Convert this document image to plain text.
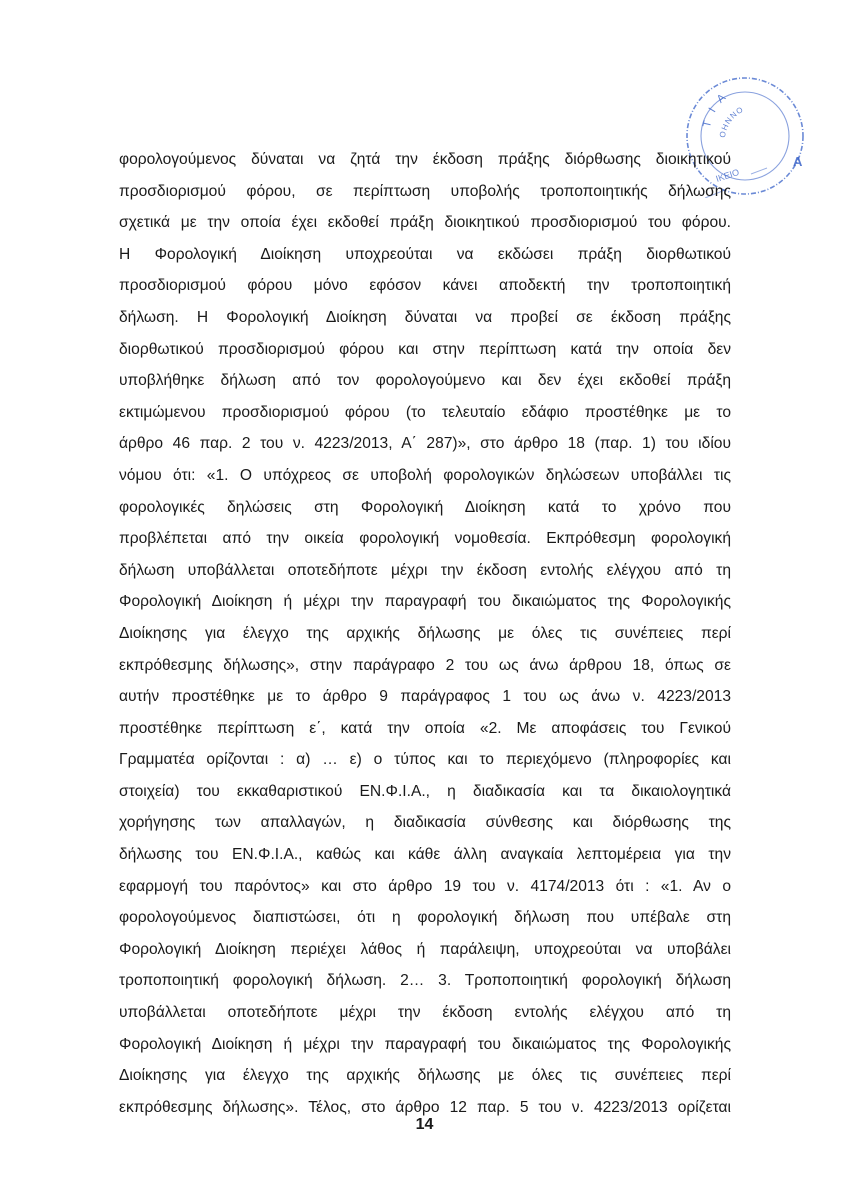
Τ Ι Α
ΟΗΝΝΟ
ΙΚΕΙΟ
Α
φορολογούμενος δύναται να ζητά την έκδοση πράξης διόρθωσης διοικητικού
προσδιορισμού φόρου, σε περίπτωση υποβολής τροποποιητικής δήλωσης
σχετικά με την οποία έχει εκδοθεί πράξη διοικητικού προσδιορισμού του φόρου.
Η Φορολογική Διοίκηση υποχρεούται να εκδώσει πράξη διορθωτικού
προσδιορισμού φόρου μόνο εφόσον κάνει αποδεκτή την τροποποιητική
δήλωση. Η Φορολογική Διοίκηση δύναται να προβεί σε έκδοση πράξης
διορθωτικού προσδιορισμού φόρου και στην περίπτωση κατά την οποία δεν
υποβλήθηκε δήλωση από τον φορολογούμενο και δεν έχει εκδοθεί πράξη
εκτιμώμενου προσδιορισμού φόρου (το τελευταίο εδάφιο προστέθηκε με το
άρθρο 46 παρ. 2 του ν. 4223/2013, Α΄ 287)», στο άρθρο 18 (παρ. 1) του ιδίου
νόμου ότι: «1. Ο υπόχρεος σε υποβολή φορολογικών δηλώσεων υποβάλλει τις
φορολογικές δηλώσεις στη Φορολογική Διοίκηση κατά το χρόνο που
προβλέπεται από την οικεία φορολογική νομοθεσία. Εκπρόθεσμη φορολογική
δήλωση υποβάλλεται οποτεδήποτε μέχρι την έκδοση εντολής ελέγχου από τη
Φορολογική Διοίκηση ή μέχρι την παραγραφή του δικαιώματος της Φορολογικής
Διοίκησης για έλεγχο της αρχικής δήλωσης με όλες τις συνέπειες περί
εκπρόθεσμης δήλωσης», στην παράγραφο 2 του ως άνω άρθρου 18, όπως σε
αυτήν προστέθηκε με το άρθρο 9 παράγραφος 1 του ως άνω ν. 4223/2013
προστέθηκε περίπτωση ε΄, κατά την οποία «2. Με αποφάσεις του Γενικού
Γραμματέα ορίζονται : α) … ε) ο τύπος και το περιεχόμενο (πληροφορίες και
στοιχεία) του εκκαθαριστικού ΕΝ.Φ.Ι.Α., η διαδικασία και τα δικαιολογητικά
χορήγησης των απαλλαγών, η διαδικασία σύνθεσης και διόρθωσης της
δήλωσης του ΕΝ.Φ.Ι.Α., καθώς και κάθε άλλη αναγκαία λεπτομέρεια για την
εφαρμογή του παρόντος» και στο άρθρο 19 του ν. 4174/2013 ότι : «1. Αν ο
φορολογούμενος διαπιστώσει, ότι η φορολογική δήλωση που υπέβαλε στη
Φορολογική Διοίκηση περιέχει λάθος ή παράλειψη, υποχρεούται να υποβάλει
τροποποιητική φορολογική δήλωση. 2… 3. Τροποποιητική φορολογική δήλωση
υποβάλλεται οποτεδήποτε μέχρι την έκδοση εντολής ελέγχου από τη
Φορολογική Διοίκηση ή μέχρι την παραγραφή του δικαιώματος της Φορολογικής
Διοίκησης για έλεγχο της αρχικής δήλωσης με όλες τις συνέπειες περί
εκπρόθεσμης δήλωσης». Τέλος, στο άρθρο 12 παρ. 5 του ν. 4223/2013 ορίζεται
14
